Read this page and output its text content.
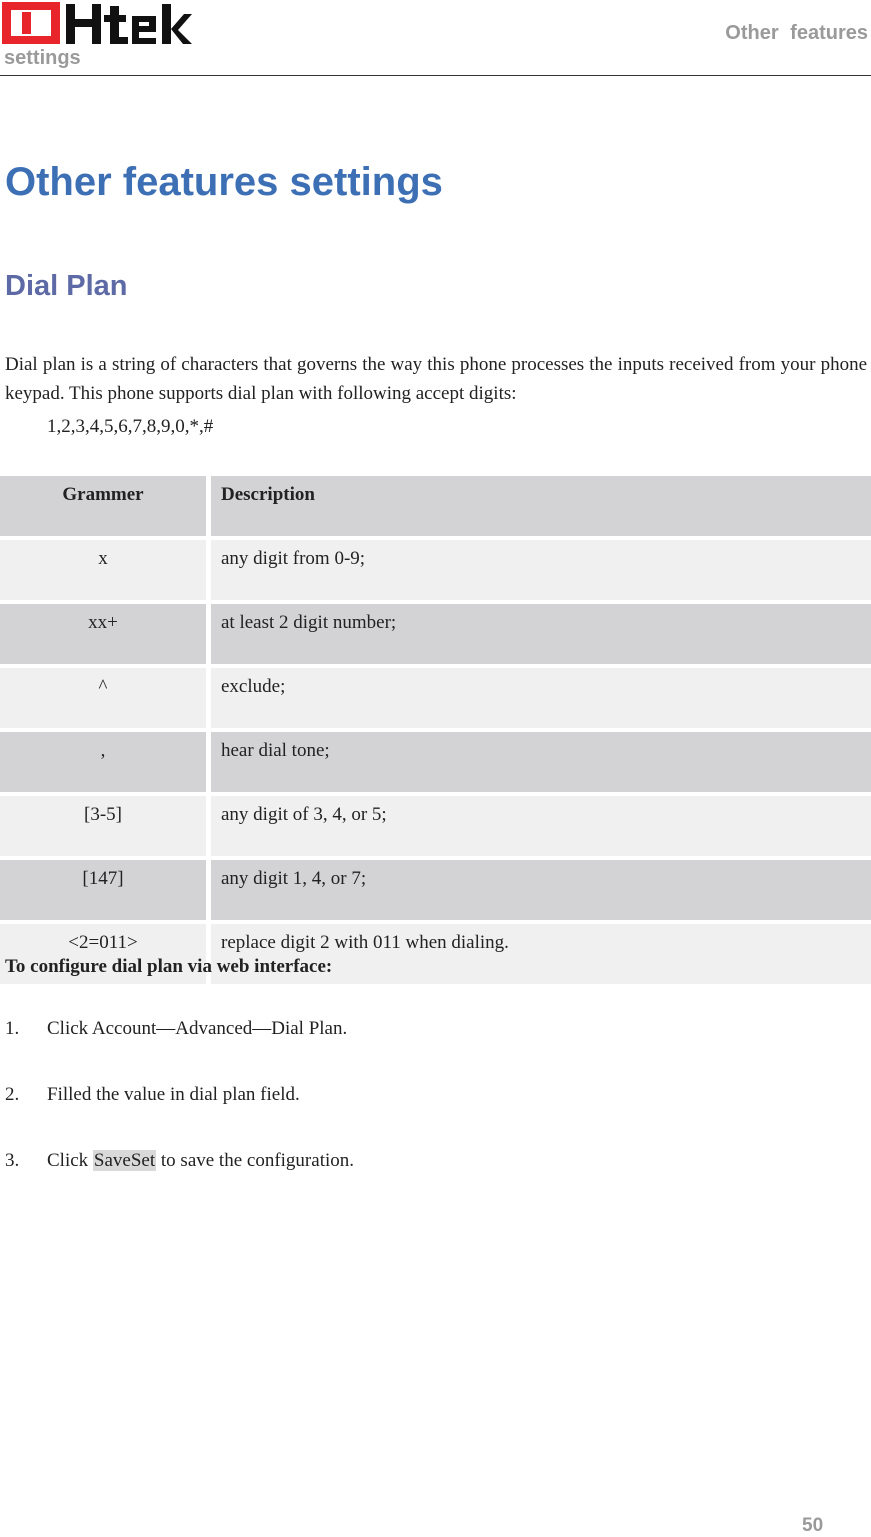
Other features
settings
Other features settings
Dial Plan

Dial plan is a string of characters that governs the way this phone processes the inputs received from your phone keypad. This phone supports dial plan with following accept digits:

1,2,3,4,5,6,7,8,9,0,*,#
Grammer	Description
x	any digit from 0-9;
xx+	at least 2 digit number;
^	exclude;
,	hear dial tone;
[3-5]	any digit of 3, 4, or 5;
[147]	any digit 1, 4, or 7;
<2=011>	replace digit 2 with 011 when dialing.
To configure dial plan via web interface:
1. Click Account—Advanced—Dial Plan.
2. Filled the value in dial plan field.
3. Click SaveSet to save the configuration.
50
